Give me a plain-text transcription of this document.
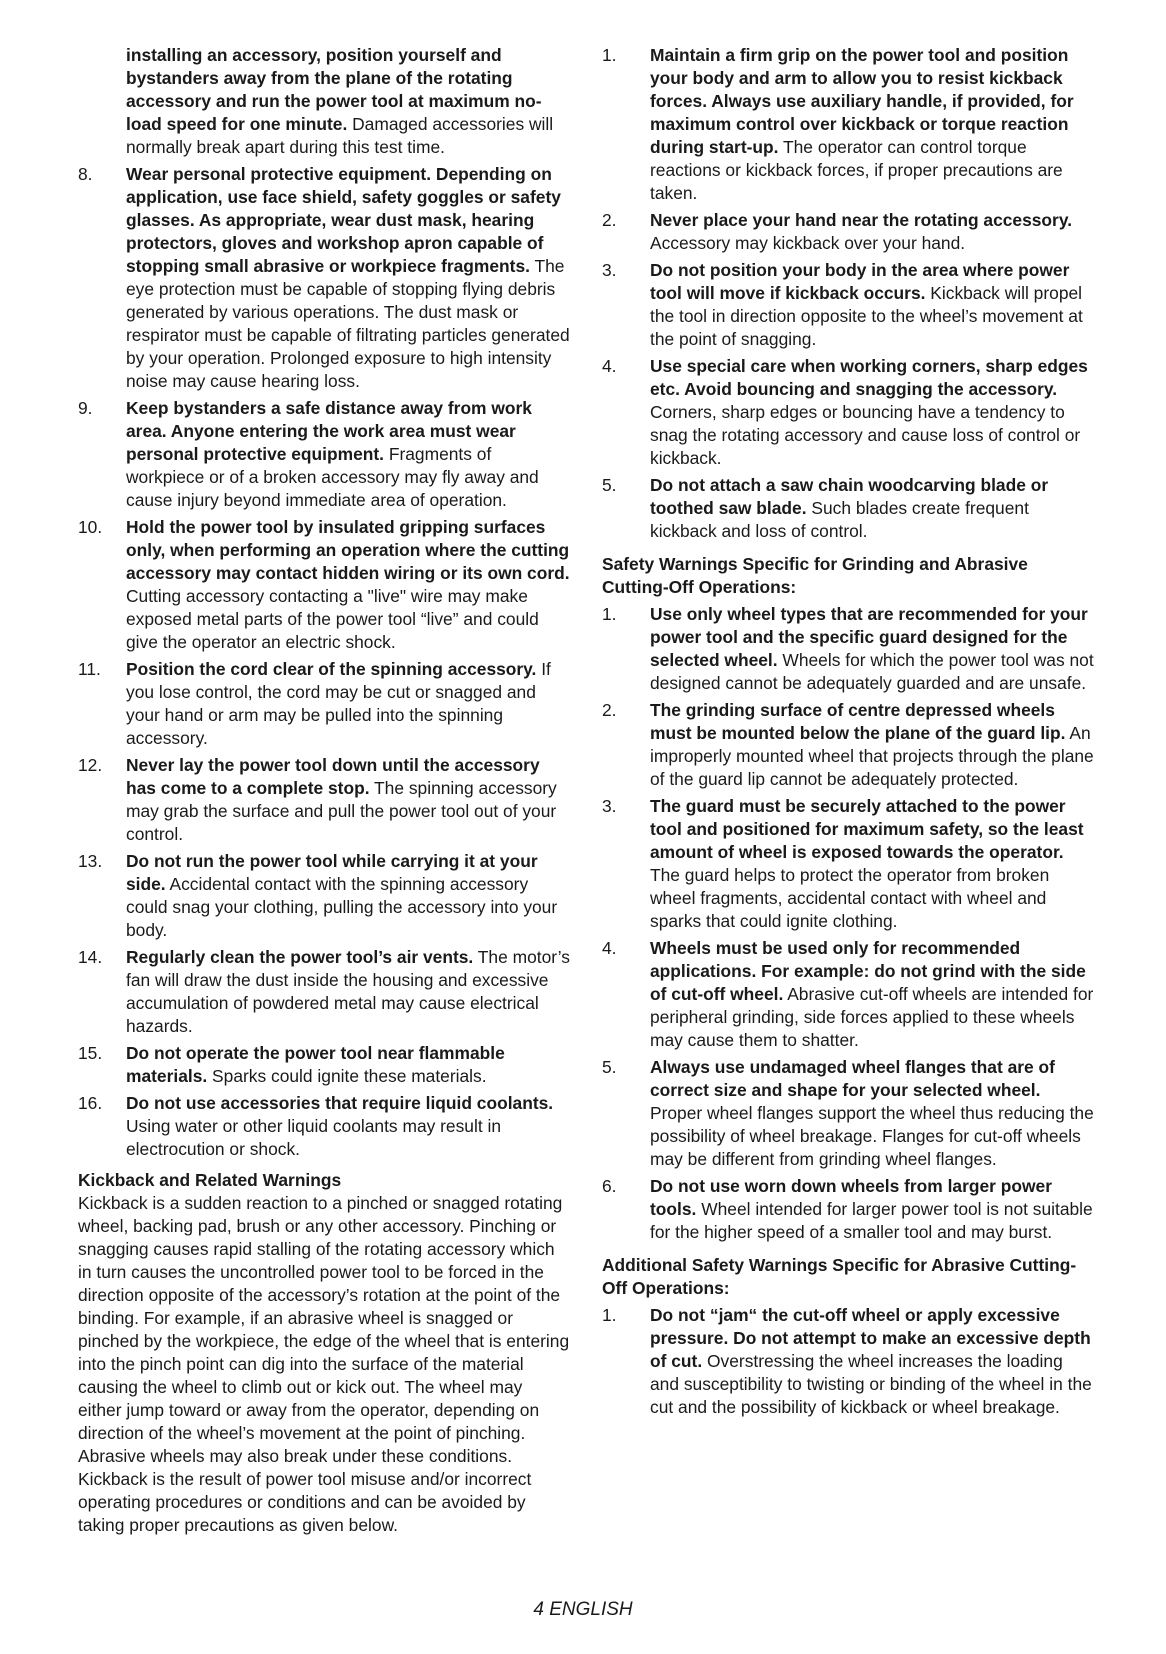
installing an accessory, position yourself and bystanders away from the plane of the rotating accessory and run the power tool at maximum no-load speed for one minute. Damaged accessories will normally break apart during this test time.
8.	Wear personal protective equipment. Depending on application, use face shield, safety goggles or safety glasses. As appropriate, wear dust mask, hearing protectors, gloves and workshop apron capable of stopping small abrasive or workpiece fragments. The eye protection must be capable of stopping flying debris generated by various operations. The dust mask or respirator must be capable of filtrating particles generated by your operation. Prolonged exposure to high intensity noise may cause hearing loss.
9.	Keep bystanders a safe distance away from work area. Anyone entering the work area must wear personal protective equipment. Fragments of workpiece or of a broken accessory may fly away and cause injury beyond immediate area of operation.
10.	Hold the power tool by insulated gripping surfaces only, when performing an operation where the cutting accessory may contact hidden wiring or its own cord. Cutting accessory contacting a "live" wire may make exposed metal parts of the power tool “live” and could give the operator an electric shock.
11.	Position the cord clear of the spinning accessory. If you lose control, the cord may be cut or snagged and your hand or arm may be pulled into the spinning accessory.
12.	Never lay the power tool down until the accessory has come to a complete stop. The spinning accessory may grab the surface and pull the power tool out of your control.
13.	Do not run the power tool while carrying it at your side. Accidental contact with the spinning accessory could snag your clothing, pulling the accessory into your body.
14.	Regularly clean the power tool’s air vents. The motor’s fan will draw the dust inside the housing and excessive accumulation of powdered metal may cause electrical hazards.
15.	Do not operate the power tool near flammable materials. Sparks could ignite these materials.
16.	Do not use accessories that require liquid coolants. Using water or other liquid coolants may result in electrocution or shock.
Kickback and Related Warnings
Kickback is a sudden reaction to a pinched or snagged rotating wheel, backing pad, brush or any other accessory. Pinching or snagging causes rapid stalling of the rotating accessory which in turn causes the uncontrolled power tool to be forced in the direction opposite of the accessory’s rotation at the point of the binding. For example, if an abrasive wheel is snagged or pinched by the workpiece, the edge of the wheel that is entering into the pinch point can dig into the surface of the material causing the wheel to climb out or kick out. The wheel may either jump toward or away from the operator, depending on direction of the wheel’s movement at the point of pinching. Abrasive wheels may also break under these conditions. Kickback is the result of power tool misuse and/or incorrect operating procedures or conditions and can be avoided by taking proper precautions as given below.
1.	Maintain a firm grip on the power tool and position your body and arm to allow you to resist kickback forces. Always use auxiliary handle, if provided, for maximum control over kickback or torque reaction during start-up. The operator can control torque reactions or kickback forces, if proper precautions are taken.
2.	Never place your hand near the rotating accessory. Accessory may kickback over your hand.
3.	Do not position your body in the area where power tool will move if kickback occurs. Kickback will propel the tool in direction opposite to the wheel’s movement at the point of snagging.
4.	Use special care when working corners, sharp edges etc. Avoid bouncing and snagging the accessory. Corners, sharp edges or bouncing have a tendency to snag the rotating accessory and cause loss of control or kickback.
5.	Do not attach a saw chain woodcarving blade or toothed saw blade. Such blades create frequent kickback and loss of control.
Safety Warnings Specific for Grinding and Abrasive Cutting-Off Operations:
1.	Use only wheel types that are recommended for your power tool and the specific guard designed for the selected wheel. Wheels for which the power tool was not designed cannot be adequately guarded and are unsafe.
2.	The grinding surface of centre depressed wheels must be mounted below the plane of the guard lip. An improperly mounted wheel that projects through the plane of the guard lip cannot be adequately protected.
3.	The guard must be securely attached to the power tool and positioned for maximum safety, so the least amount of wheel is exposed towards the operator. The guard helps to protect the operator from broken wheel fragments, accidental contact with wheel and sparks that could ignite clothing.
4.	Wheels must be used only for recommended applications. For example: do not grind with the side of cut-off wheel. Abrasive cut-off wheels are intended for peripheral grinding, side forces applied to these wheels may cause them to shatter.
5.	Always use undamaged wheel flanges that are of correct size and shape for your selected wheel. Proper wheel flanges support the wheel thus reducing the possibility of wheel breakage. Flanges for cut-off wheels may be different from grinding wheel flanges.
6.	Do not use worn down wheels from larger power tools. Wheel intended for larger power tool is not suitable for the higher speed of a smaller tool and may burst.
Additional Safety Warnings Specific for Abrasive Cutting-Off Operations:
1.	Do not “jam“ the cut-off wheel or apply excessive pressure. Do not attempt to make an excessive depth of cut. Overstressing the wheel increases the loading and susceptibility to twisting or binding of the wheel in the cut and the possibility of kickback or wheel breakage.
4 ENGLISH
